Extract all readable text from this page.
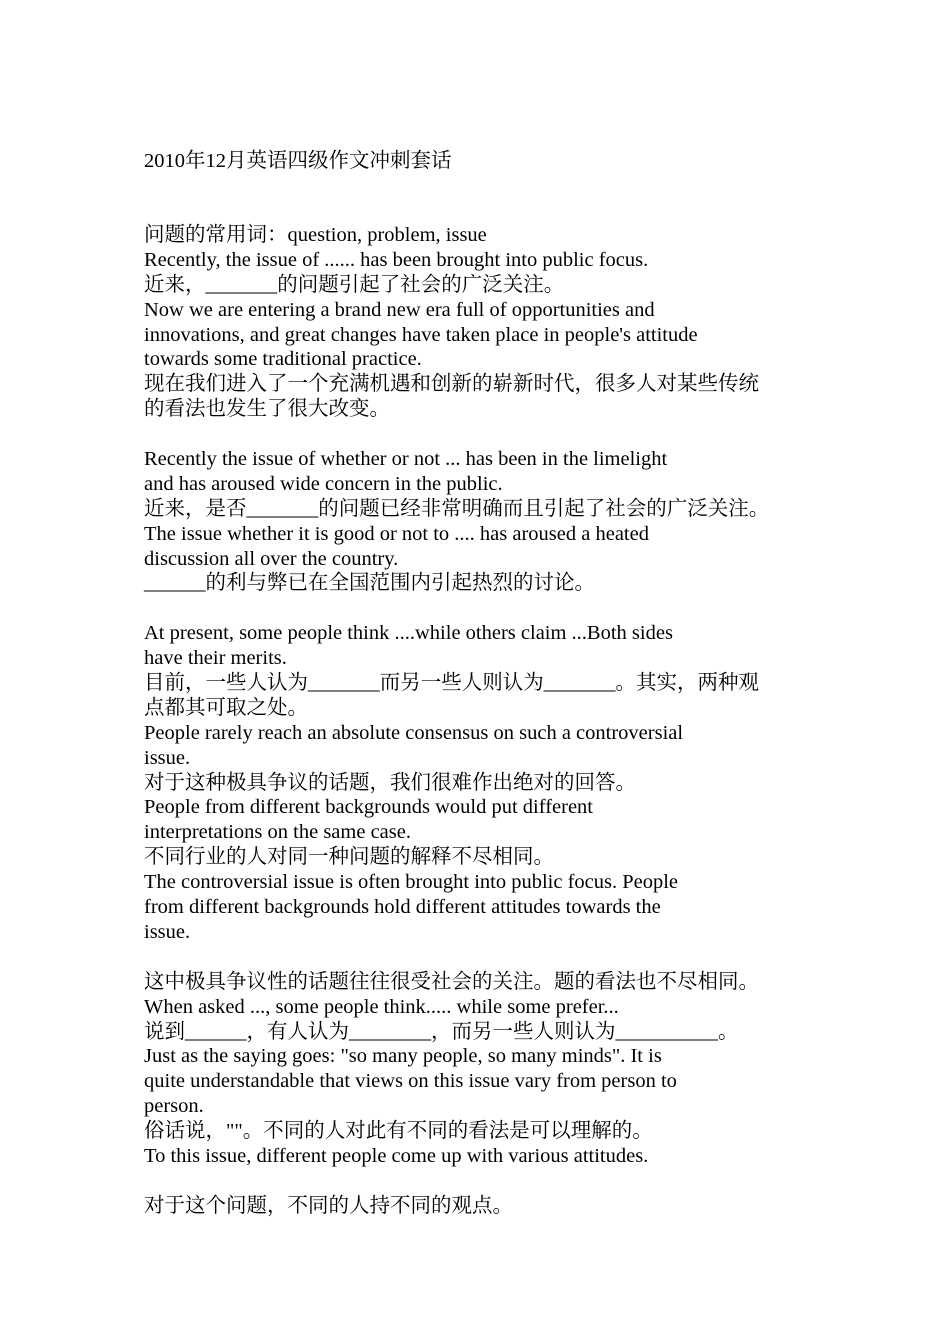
2010年12月英语四级作文冲刺套话
问题的常用词：question, problem, issue
Recently, the issue of ...... has been brought into public focus.
近来，_______的问题引起了社会的广泛关注。
Now we are entering a brand new era full of opportunities and
innovations, and great changes have taken place in people's attitude
towards some traditional practice.
现在我们进入了一个充满机遇和创新的崭新时代，很多人对某些传统
的看法也发生了很大改变。
Recently the issue of whether or not ... has been in the limelight
and has aroused wide concern in the public.
近来，是否_______的问题已经非常明确而且引起了社会的广泛关注。
The issue whether it is good or not to .... has aroused a heated
discussion all over the country.
______的利与弊已在全国范围内引起热烈的讨论。
At present, some people think ....while others claim ...Both sides
have their merits.
目前，一些人认为_______而另一些人则认为_______。其实，两种观
点都其可取之处。
People rarely reach an absolute consensus on such a controversial
issue.
对于这种极具争议的话题，我们很难作出绝对的回答。
People from different backgrounds would put different
interpretations on the same case.
不同行业的人对同一种问题的解释不尽相同。
The controversial issue is often brought into public focus. People
from different backgrounds hold different attitudes towards the
issue.
这中极具争议性的话题往往很受社会的关注。题的看法也不尽相同。
When asked ..., some people think..... while some prefer...
说到______，有人认为________，而另一些人则认为__________。
Just as the saying goes: "so many people, so many minds". It is
quite understandable that views on this issue vary from person to
person.
俗话说，""。不同的人对此有不同的看法是可以理解的。
To this issue, different people come up with various attitudes.
对于这个问题，不同的人持不同的观点。
